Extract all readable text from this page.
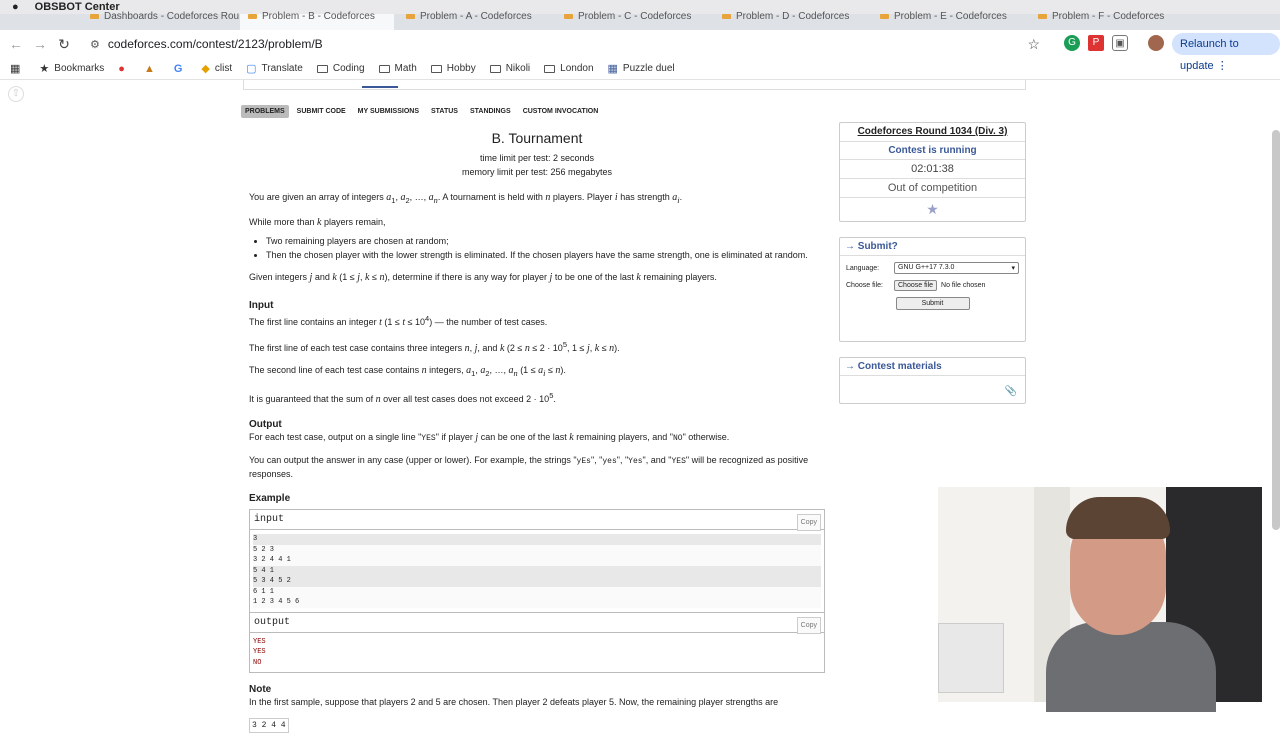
● OBSBOT Center
Dashboards - Codeforces Rou	Problem - B - Codeforces	Problem - A - Codeforces	Problem - C - Codeforces	Problem - D - Codeforces	Problem - E - Codeforces	Problem - F - Codeforces
← → ↻	⚙ codeforces.com/contest/2123/problem/B	☆	G	P	▣	Relaunch to update ⋮
▦ ★ Bookmarks ● ▲ G ◆ clist ▢ Translate	Coding	Math	Hobby	Nikoli	London ▦ Puzzle duel
⇧
PROBLEMS	SUBMIT CODE	MY SUBMISSIONS	STATUS	STANDINGS	CUSTOM INVOCATION
B. Tournament
time limit per test: 2 seconds
memory limit per test: 256 megabytes
You are given an array of integers $a_1$, $a_2$, …, $a_n$. A tournament is held with n players. Player i has strength $a_i$.
While more than k players remain,
• Two remaining players are chosen at random;
• Then the chosen player with the lower strength is eliminated. If the chosen players have the same strength, one is eliminated at random.
Given integers j and k (1 ≤ j, k ≤ n), determine if there is any way for player j to be one of the last k remaining players.
Input
The first line contains an integer t $(1 \le t \le 10^4)$ — the number of test cases.
The first line of each test case contains three integers n, j, and k ($2 \le n \le 2 \cdot 10^5$, 1 ≤ j, k ≤ n).
The second line of each test case contains n integers, $a_1$, $a_2$, …, $a_n$ $(1 \le a_i \le n)$.
It is guaranteed that the sum of n over all test cases does not exceed $2 \cdot 10^5$.
Output
For each test case, output on a single line "YES" if player j can be one of the last k remaining players, and "NO" otherwise.
You can output the answer in any case (upper or lower). For example, the strings "yEs", "yes", "Yes", and "YES" will be recognized as positive responses.
Example
input	Copy
3
5 2 3
3 2 4 4 1
5 4 1
5 3 4 5 2
6 1 1
1 2 3 4 5 6
output	Copy
YES
YES
NO
Note
In the first sample, suppose that players 2 and 5 are chosen. Then player 2 defeats player 5. Now, the remaining player strengths are
3 2 4 4
Codeforces Round 1034 (Div. 3)
Contest is running
02:01:38
Out of competition
★
→ Submit?
Language:	GNU G++17 7.3.0	▾
Choose file:	Choose file	No file chosen
Submit
→ Contest materials
📎
